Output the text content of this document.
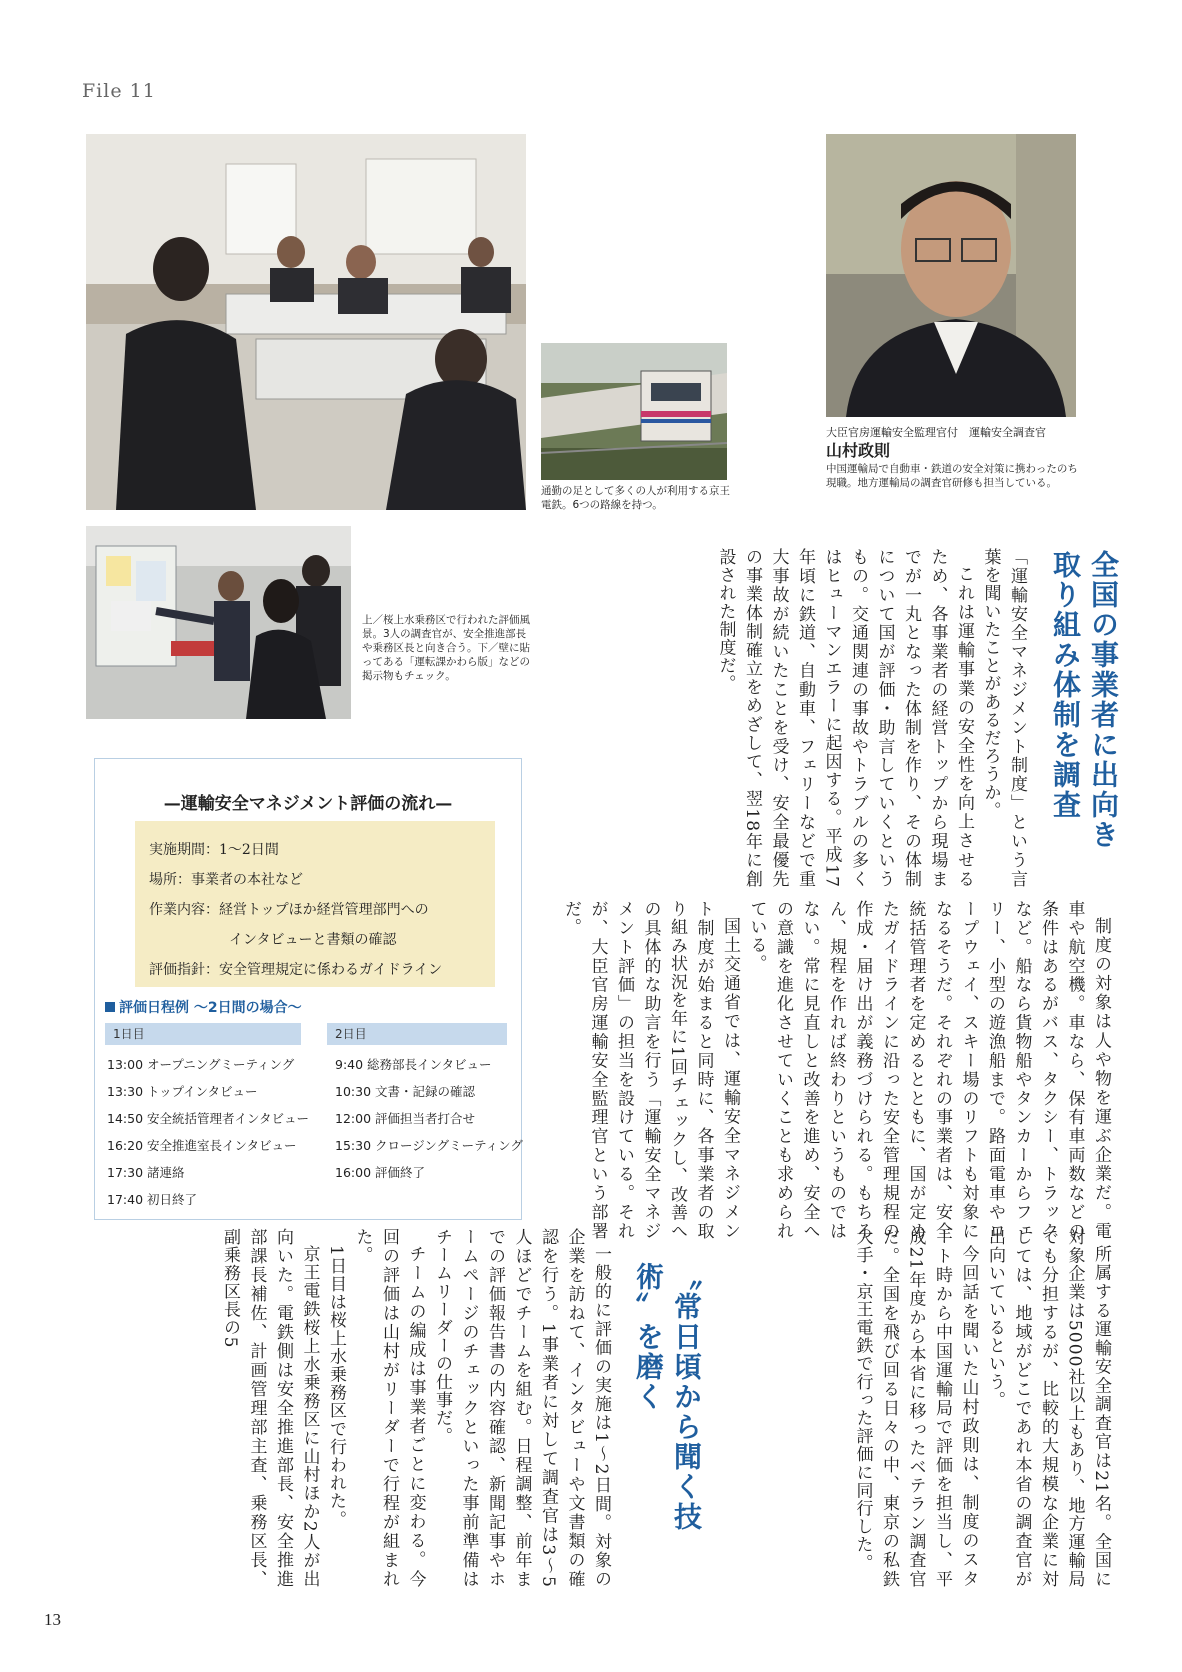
File 11
通勤の足として多くの人が利用する京王電鉄。6つの路線を持つ。
大臣官房運輸安全監理官付　運輸安全調査官
山村政則
中国運輸局で自動車・鉄道の安全対策に携わったのち現職。地方運輸局の調査官研修も担当している。
上／桜上水乗務区で行われた評価風景。3人の調査官が、安全推進部長や乗務区長と向き合う。下／壁に貼ってある「運転課かわら版」などの掲示物もチェック。
—運輸安全マネジメント評価の流れ—
実施期間： 1〜2日間
場所： 事業者の本社など
作業内容： 経営トップほか経営管理部門への
インタビューと書類の確認
評価指針： 安全管理規定に係わるガイドライン
評価日程例 〜2日間の場合〜
1日目	2日目
13:00 オープニングミーティング
13:30 トップインタビュー
14:50 安全統括管理者インタビュー
16:20 安全推進室長インタビュー
17:30 諸連絡
17:40 初日終了
9:40 総務部長インタビュー
10:30 文書・記録の確認
12:00 評価担当者打合せ
15:30 クロージングミーティング
16:00 評価終了
全国の事業者に出向き取り組み体制を調査
〝常日頃から聞く技術〟を磨く

「運輸安全マネジメント制度」という言葉を聞いたことがあるだろうか。

これは運輸事業の安全性を向上させるため、各事業者の経営トップから現場までが一丸となった体制を作り、その体制について国が評価・助言していくというもの。交通関連の事故やトラブルの多くはヒューマンエラーに起因する。平成17年頃に鉄道、自動車、フェリーなどで重大事故が続いたことを受け、安全最優先の事業体制確立をめざして、翌18年に創設された制度だ。

制度の対象は人や物を運ぶ企業だ。電車や航空機。車なら、保有車両数などの条件はあるがバス、タクシー、トラックなど。船なら貨物船やタンカーからフェリー、小型の遊漁船まで。路面電車やロープウェイ、スキー場のリフトも対象になるそうだ。それぞれの事業者は、安全統括管理者を定めるとともに、国が定めたガイドラインに沿った安全管理規程の作成・届け出が義務づけられる。もちろん、規程を作れば終わりというものではない。常に見直しと改善を進め、安全への意識を進化させていくことも求められている。

国土交通省では、運輸安全マネジメント制度が始まると同時に、各事業者の取り組み状況を年に1回チェックし、改善への具体的な助言を行う「運輸安全マネジメント評価」の担当を設けている。それが、大臣官房運輸安全監理官という部署だ。

所属する運輸安全調査官は21名。全国に対象企業は5000社以上もあり、地方運輸局でも分担するが、比較的大規模な企業に対しては、地域がどこであれ本省の調査官が出向いているという。

今回話を聞いた山村政則は、制度のスタート時から中国運輸局で評価を担当し、平成21年度から本省に移ったベテラン調査官だ。全国を飛び回る日々の中、東京の私鉄大手・京王電鉄で行った評価に同行した。

一般的に評価の実施は1〜2日間。対象の企業を訪ねて、インタビューや文書類の確認を行う。1事業者に対して調査官は3〜5人ほどでチームを組む。日程調整、前年までの評価報告書の内容確認、新聞記事やホームページのチェックといった事前準備はチームリーダーの仕事だ。

チームの編成は事業者ごとに変わる。今回の評価は山村がリーダーで行程が組まれた。

1日目は桜上水乗務区で行われた。

京王電鉄桜上水乗務区に山村ほか2人が出向いた。電鉄側は安全推進部長、安全推進部課長補佐、計画管理部主査、乗務区長、副乗務区長の5

13
